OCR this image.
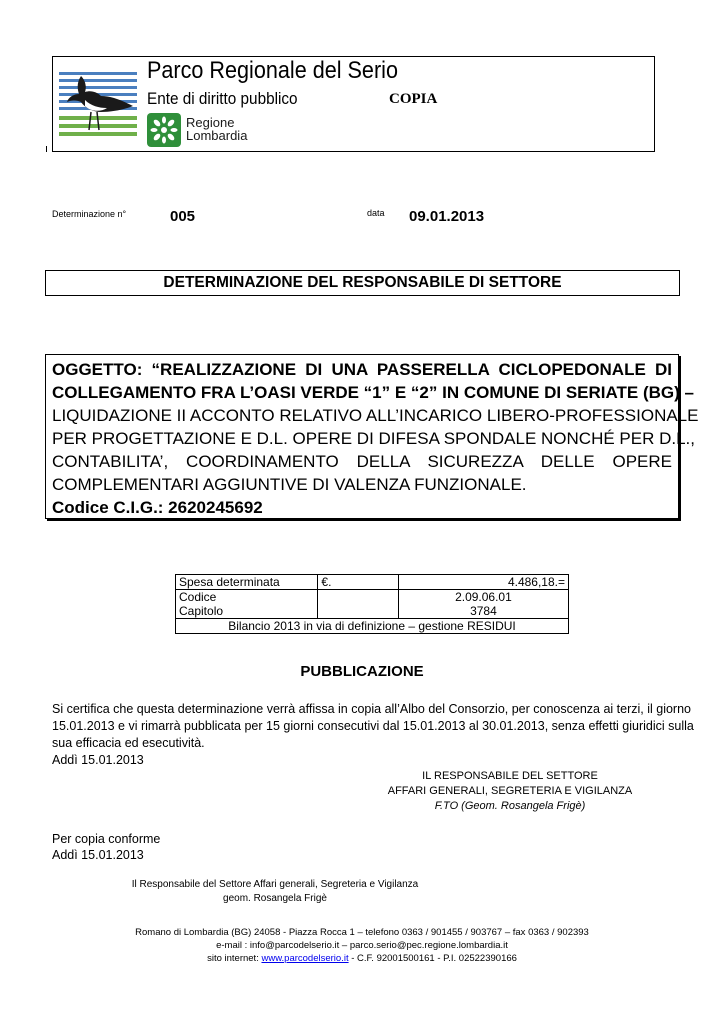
Parco Regionale del Serio
Ente di diritto pubblico	COPIA
Regione
Lombardia
Determinazione n°	005	data 09.01.2013
DETERMINAZIONE DEL RESPONSABILE DI SETTORE
OGGETTO: “REALIZZAZIONE DI UNA PASSERELLA CICLOPEDONALE DI
COLLEGAMENTO FRA L’OASI VERDE “1” E “2” IN COMUNE DI SERIATE (BG) –
LIQUIDAZIONE II ACCONTO RELATIVO ALL’INCARICO LIBERO-PROFESSIONALE
PER PROGETTAZIONE E D.L. OPERE DI DIFESA SPONDALE NONCHÉ PER D.L.,
CONTABILITA’, COORDINAMENTO DELLA SICUREZZA DELLE OPERE
COMPLEMENTARI AGGIUNTIVE DI VALENZA FUNZIONALE.
Codice C.I.G.: 2620245692
Spesa determinata	€.	4.486,18.=
Codice		2.09.06.01
Capitolo		3784
Bilancio 2013 in via di definizione – gestione RESIDUI		
PUBBLICAZIONE
Si certifica che questa determinazione verrà affissa in copia all’Albo del Consorzio, per conoscenza ai terzi, il giorno
15.01.2013 e vi rimarrà pubblicata per 15 giorni consecutivi dal 15.01.2013 al 30.01.2013, senza effetti giuridici sulla
sua efficacia ed esecutività.
Addì 15.01.2013
IL RESPONSABILE DEL SETTORE
AFFARI GENERALI, SEGRETERIA E VIGILANZA
F.TO (Geom. Rosangela Frigè)
Per copia conforme
Addì 15.01.2013
Il Responsabile del Settore Affari generali, Segreteria e Vigilanza
geom. Rosangela Frigè
Romano di Lombardia (BG) 24058 - Piazza Rocca 1 – telefono 0363 / 901455 / 903767 – fax 0363 / 902393
e-mail : info@parcodelserio.it – parco.serio@pec.regione.lombardia.it
sito internet: www.parcodelserio.it - C.F. 92001500161 - P.I. 02522390166
